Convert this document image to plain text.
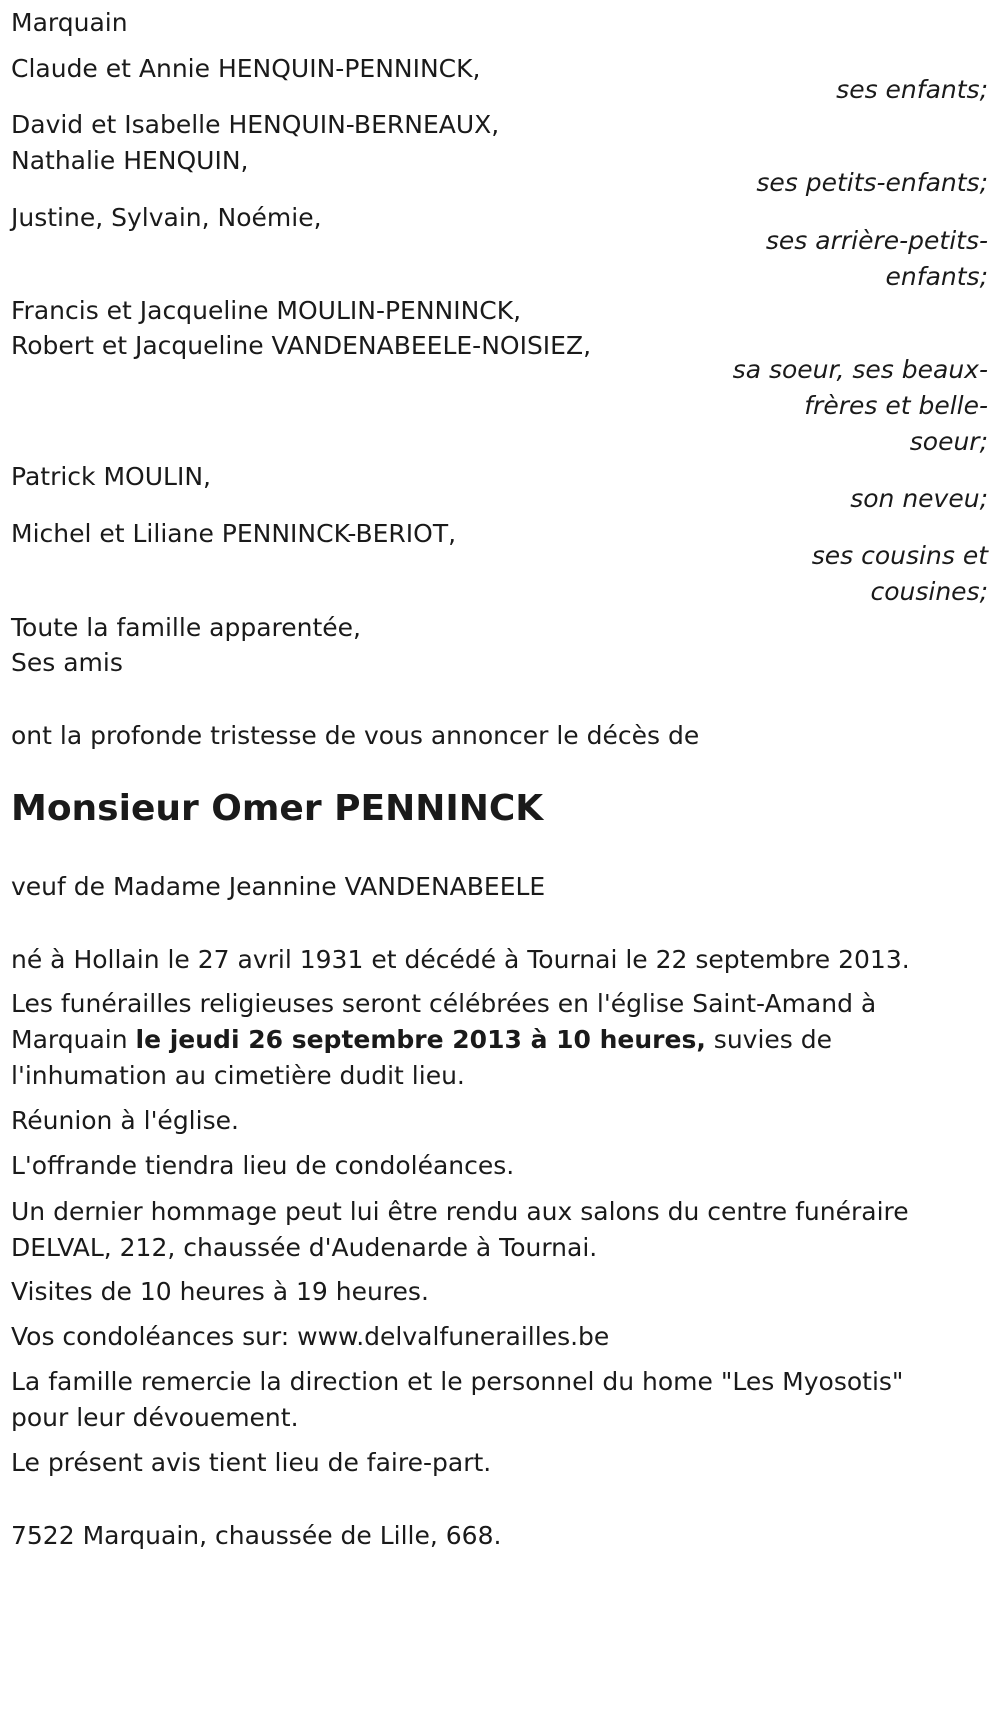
Marquain

Claude et Annie HENQUIN-PENNINCK,

ses enfants;

David et Isabelle HENQUIN-BERNEAUX,

Nathalie HENQUIN,

ses petits-enfants;

Justine, Sylvain, Noémie,

ses arrière-petits-

enfants;

Francis et Jacqueline MOULIN-PENNINCK,

Robert et Jacqueline VANDENABEELE-NOISIEZ,

sa soeur, ses beaux-

frères et belle-

soeur;

Patrick MOULIN,

son neveu;

Michel et Liliane PENNINCK-BERIOT,

ses cousins et

cousines;

Toute la famille apparentée,

Ses amis

ont la profonde tristesse de vous annoncer le décès de

Monsieur Omer PENNINCK

veuf de Madame Jeannine VANDENABEELE

né à Hollain le 27 avril 1931 et décédé à Tournai le 22 septembre 2013.

Les funérailles religieuses seront célébrées en l'église Saint-Amand à

Marquain le jeudi 26 septembre 2013 à 10 heures, suvies de

l'inhumation au cimetière dudit lieu.

Réunion à l'église.

L'offrande tiendra lieu de condoléances.

Un dernier hommage peut lui être rendu aux salons du centre funéraire

DELVAL, 212, chaussée d'Audenarde à Tournai.

Visites de 10 heures à 19 heures.

Vos condoléances sur: www.delvalfunerailles.be

La famille remercie la direction et le personnel du home "Les Myosotis"

pour leur dévouement.

Le présent avis tient lieu de faire-part.

7522 Marquain, chaussée de Lille, 668.
